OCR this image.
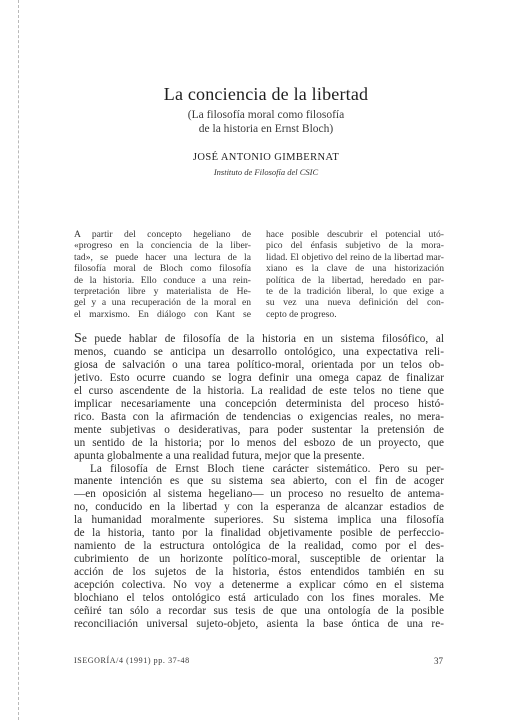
La conciencia de la libertad

(La filosofía moral como filosofía

de la historia en Ernst Bloch)

JOSÉ ANTONIO GIMBERNAT

Instituto de Filosofía del CSIC

A partir del concepto hegeliano de
«progreso en la conciencia de la liber-
tad», se puede hacer una lectura de la
filosofía moral de Bloch como filosofía
de la historia. Ello conduce a una rein-
terpretación libre y materialista de He-
gel y a una recuperación de la moral en
el marxismo. En diálogo con Kant se
hace posible descubrir el potencial utó-
pico del énfasis subjetivo de la mora-
lidad. El objetivo del reino de la libertad mar-
xiano es la clave de una historización
política de la libertad, heredado en par-
te de la tradición liberal, lo que exige a
su vez una nueva definición del con-
cepto de progreso.
Se puede hablar de filosofía de la historia en un sistema filosófico, al
menos, cuando se anticipa un desarrollo ontológico, una expectativa reli-
giosa de salvación o una tarea político-moral, orientada por un telos ob-
jetivo. Esto ocurre cuando se logra definir una omega capaz de finalizar
el curso ascendente de la historia. La realidad de este telos no tiene que
implicar necesariamente una concepción determinista del proceso histó-
rico. Basta con la afirmación de tendencias o exigencias reales, no mera-
mente subjetivas o desiderativas, para poder sustentar la pretensión de
un sentido de la historia; por lo menos del esbozo de un proyecto, que
apunta globalmente a una realidad futura, mejor que la presente.
La filosofía de Ernst Bloch tiene carácter sistemático. Pero su per-
manente intención es que su sistema sea abierto, con el fin de acoger
—en oposición al sistema hegeliano— un proceso no resuelto de antema-
no, conducido en la libertad y con la esperanza de alcanzar estadios de
la humanidad moralmente superiores. Su sistema implica una filosofía
de la historia, tanto por la finalidad objetivamente posible de perfeccio-
namiento de la estructura ontológica de la realidad, como por el des-
cubrimiento de un horizonte político-moral, susceptible de orientar la
acción de los sujetos de la historia, éstos entendidos también en su
acepción colectiva. No voy a detenerme a explicar cómo en el sistema
blochiano el telos ontológico está articulado con los fines morales. Me
ceñiré tan sólo a recordar sus tesis de que una ontología de la posible
reconciliación universal sujeto-objeto, asienta la base óntica de una re-
ISEGORÍA/4 (1991) pp. 37-48	37
